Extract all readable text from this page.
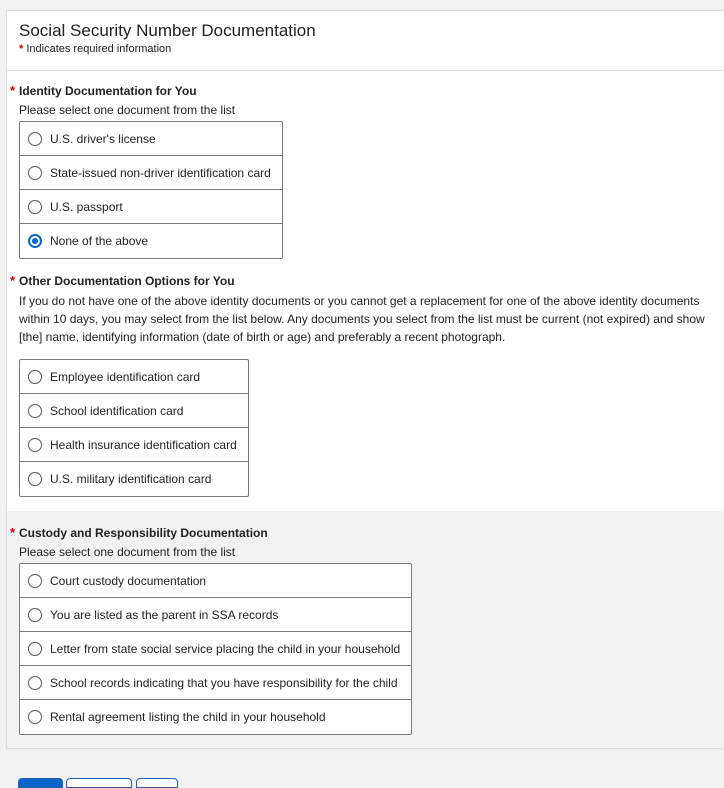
Social Security Number Documentation
* Indicates required information
* Identity Documentation for You
Please select one document from the list
U.S. driver's license
State-issued non-driver identification card
U.S. passport
None of the above
* Other Documentation Options for You
If you do not have one of the above identity documents or you cannot get a replacement for one of the above identity documents within 10 days, you may select from the list below. Any documents you select from the list must be current (not expired) and show [the] name, identifying information (date of birth or age) and preferably a recent photograph.
Employee identification card
School identification card
Health insurance identification card
U.S. military identification card
* Custody and Responsibility Documentation
Please select one document from the list
Court custody documentation
You are listed as the parent in SSA records
Letter from state social service placing the child in your household
School records indicating that you have responsibility for the child
Rental agreement listing the child in your household
